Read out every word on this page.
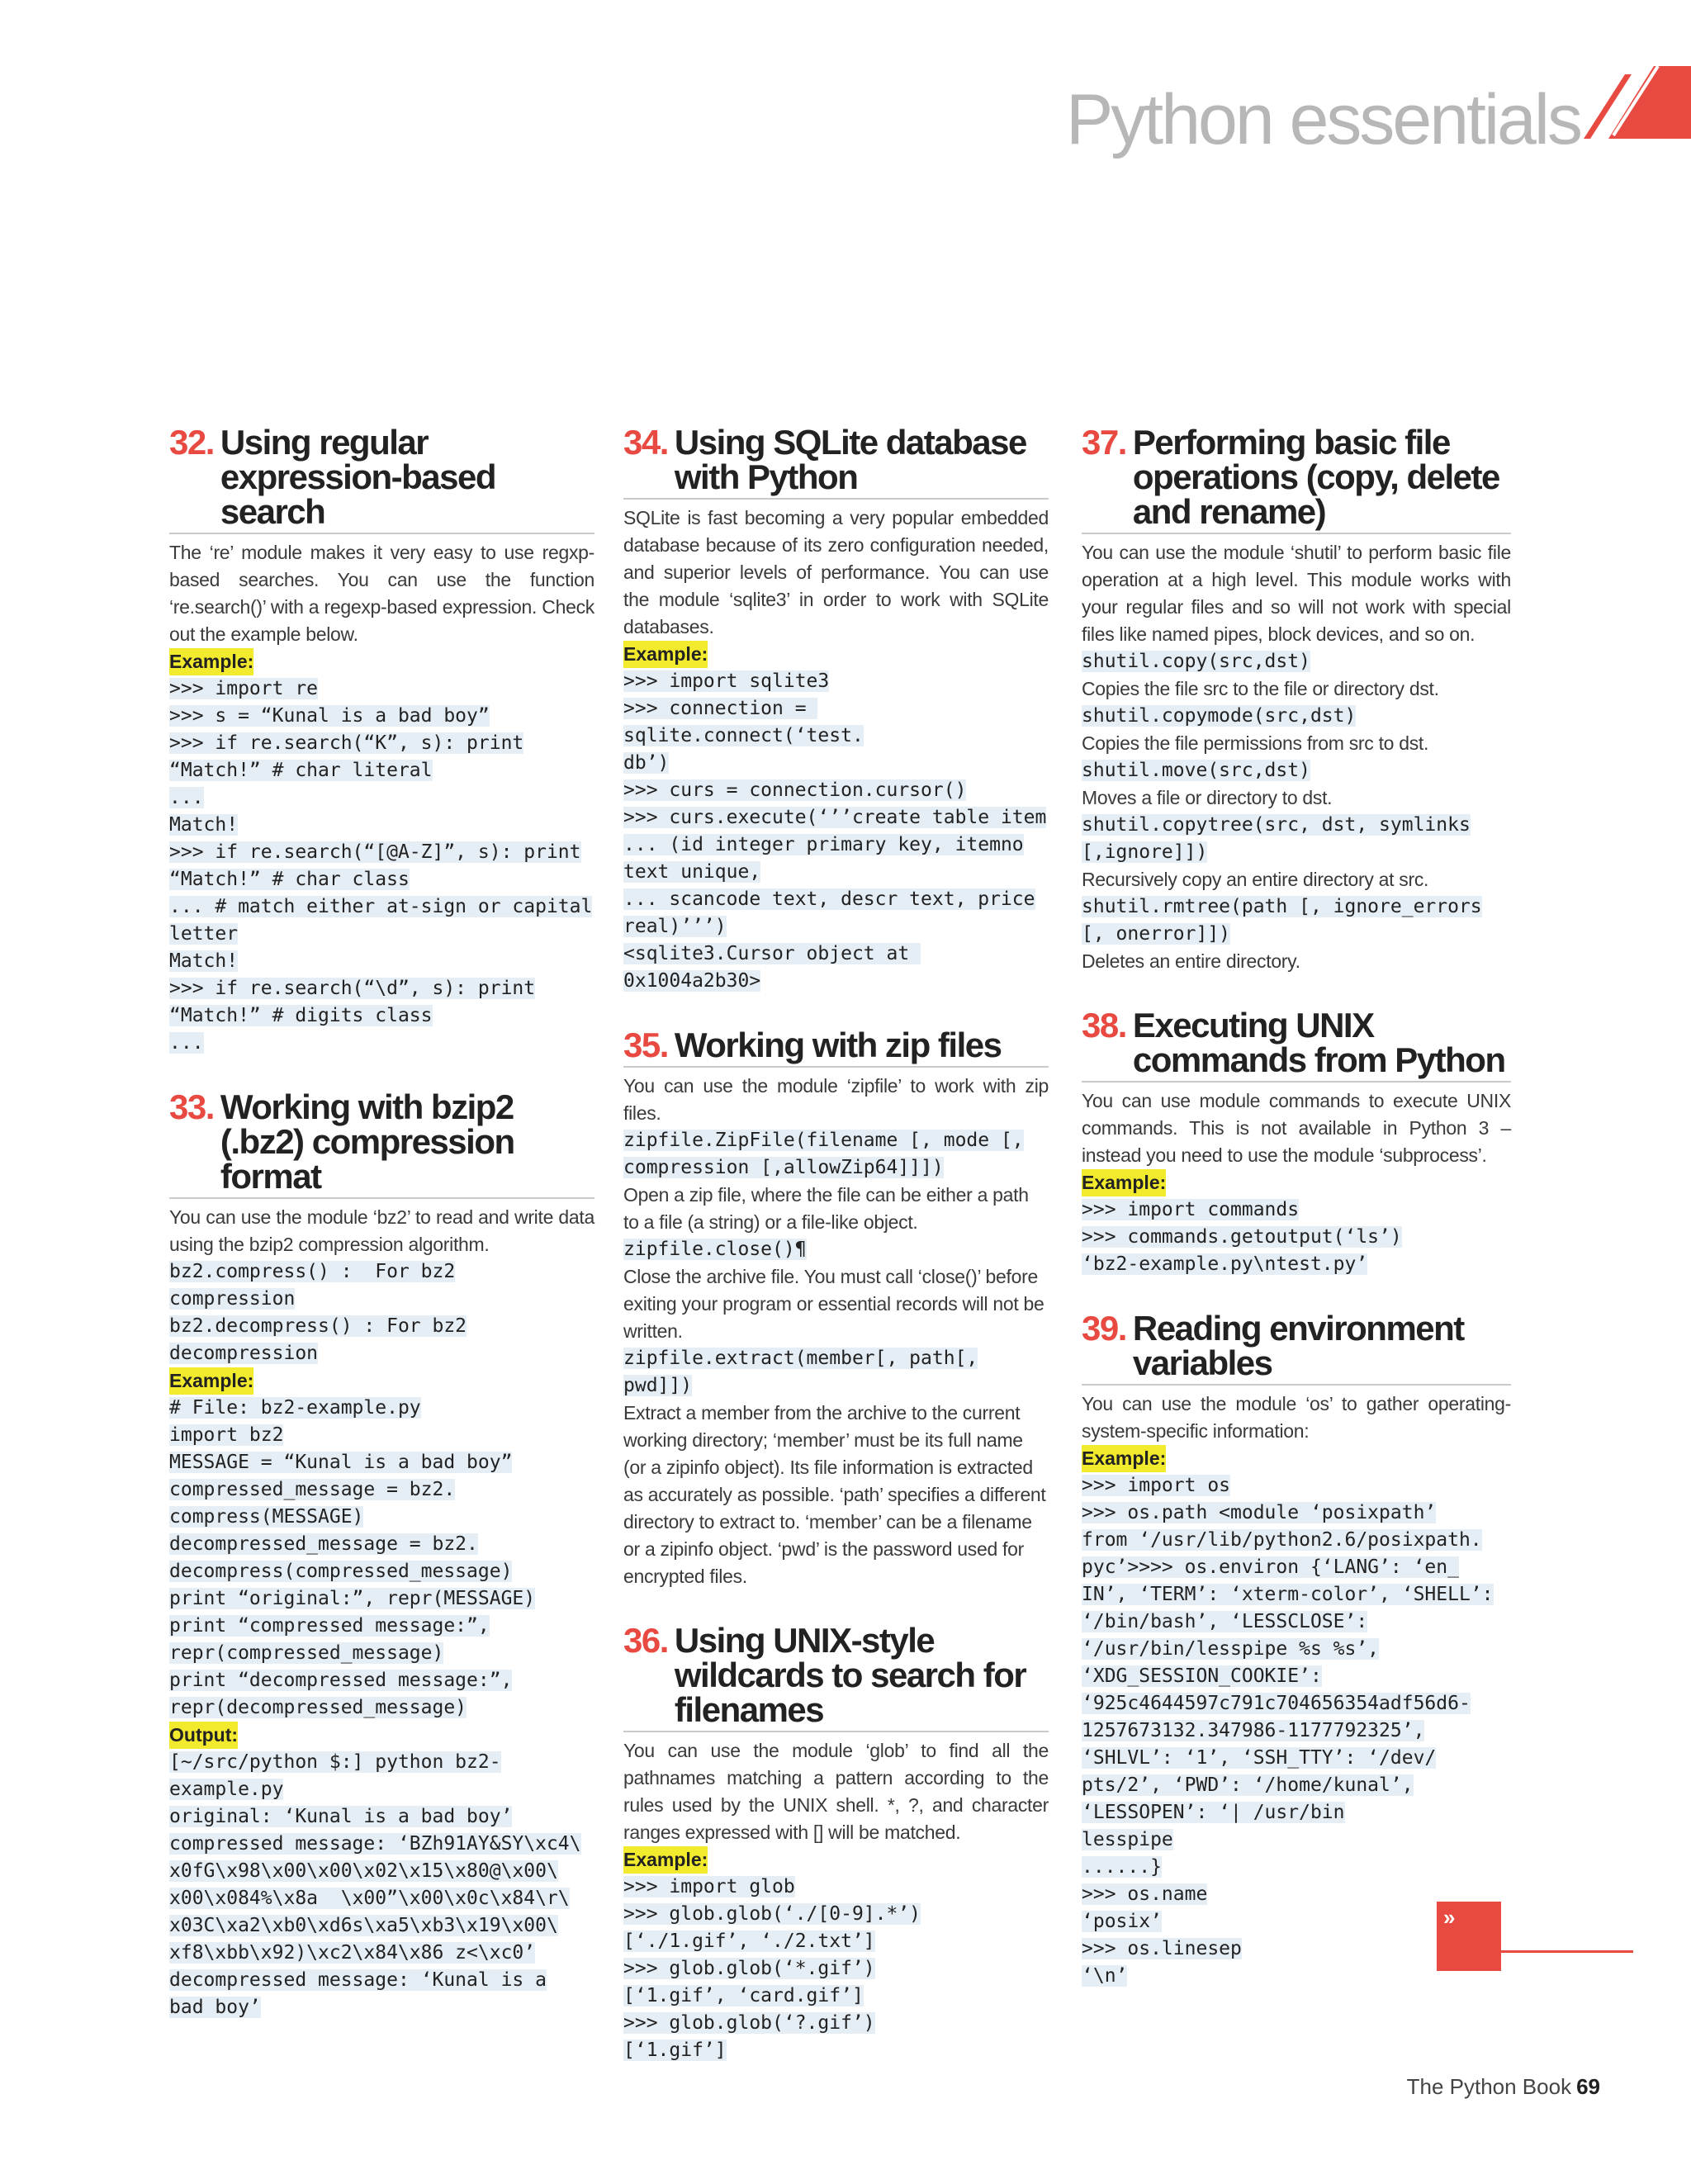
Python essentials
32. Using regular expression-based search

The ‘re’ module makes it very easy to use regxp-based searches. You can use the function ‘re.search()’ with a regexp-based expression. Check out the example below.

Example:
>>> import re
>>> s = “Kunal is a bad boy”
>>> if re.search(“K”, s): print
“Match!” # char literal
...
Match!
>>> if re.search(“[@A-Z]”, s): print
“Match!” # char class
... # match either at-sign or capital
letter
Match!
>>> if re.search(“\d”, s): print
“Match!” # digits class
...

33. Working with bzip2 (.bz2) compression format

You can use the module ‘bz2’ to read and write data using the bzip2 compression algorithm.

bz2.compress() :  For bz2
compression
bz2.decompress() : For bz2
decompression

Example:
# File: bz2-example.py
import bz2
MESSAGE = “Kunal is a bad boy”
compressed_message = bz2.
compress(MESSAGE)
decompressed_message = bz2.
decompress(compressed_message)
print “original:”, repr(MESSAGE)
print “compressed message:”,
repr(compressed_message)
print “decompressed message:”,
repr(decompressed_message)

Output:
[~/src/python $:] python bz2-
example.py
original: ‘Kunal is a bad boy’
compressed message: ‘BZh91AY&SY\xc4\
x0fG\x98\x00\x00\x02\x15\x80@\x00\
x00\x084%\x8a  \x00”\x00\x0c\x84\r\
x03C\xa2\xb0\xd6s\xa5\xb3\x19\x00\
xf8\xbb\x92)\xc2\x84\x86 z<\xc0’
decompressed message: ‘Kunal is a
bad boy’

34. Using SQLite database with Python

SQLite is fast becoming a very popular embedded database because of its zero configuration needed, and superior levels of performance. You can use the module ‘sqlite3’ in order to work with SQLite databases.

Example:
>>> import sqlite3
>>> connection = sqlite.connect(‘test.
db’)
>>> curs = connection.cursor()
>>> curs.execute(‘’’create table item
... (id integer primary key, itemno
text unique,
... scancode text, descr text, price
real)’’’)
<sqlite3.Cursor object at 0x1004a2b30>

35. Working with zip files

You can use the module ‘zipfile’ to work with zip files.

zipfile.ZipFile(filename [, mode [,
compression [,allowZip64]]])

Open a zip file, where the file can be either a path to a file (a string) or a file-like object.

zipfile.close()¶

Close the archive file. You must call ‘close()’ before exiting your program or essential records will not be written.

zipfile.extract(member[, path[,
pwd]])

Extract a member from the archive to the current working directory; ‘member’ must be its full name (or a zipinfo object). Its file information is extracted as accurately as possible. ‘path’ specifies a different directory to extract to. ‘member’ can be a filename or a zipinfo object. ‘pwd’ is the password used for encrypted files.

36. Using UNIX-style wildcards to search for filenames

You can use the module ‘glob’ to find all the pathnames matching a pattern according to the rules used by the UNIX shell. *, ?, and character ranges expressed with [] will be matched.

Example:
>>> import glob
>>> glob.glob(‘./[0-9].*’)
[‘./1.gif’, ‘./2.txt’]
>>> glob.glob(‘*.gif’)
[‘1.gif’, ‘card.gif’]
>>> glob.glob(‘?.gif’)
[‘1.gif’]

37. Performing basic file operations (copy, delete and rename)

You can use the module ‘shutil’ to perform basic file operation at a high level. This module works with your regular files and so will not work with special files like named pipes, block devices, and so on.

shutil.copy(src,dst)

Copies the file src to the file or directory dst.

shutil.copymode(src,dst)

Copies the file permissions from src to dst.

shutil.move(src,dst)

Moves a file or directory to dst.

shutil.copytree(src, dst, symlinks
[,ignore]])

Recursively copy an entire directory at src.

shutil.rmtree(path [, ignore_errors
[, onerror]])

Deletes an entire directory.

38. Executing UNIX commands from Python

You can use module commands to execute UNIX commands. This is not available in Python 3 – instead you need to use the module ‘subprocess’.

Example:
>>> import commands
>>> commands.getoutput(‘ls’)
‘bz2-example.py\ntest.py’

39. Reading environment variables

You can use the module ‘os’ to gather operating-system-specific information:

Example:
>>> import os
>>> os.path <module ‘posixpath’
from ‘/usr/lib/python2.6/posixpath.
pyc’>>>> os.environ {‘LANG’: ‘en_
IN’, ‘TERM’: ‘xterm-color’, ‘SHELL’:
‘/bin/bash’, ‘LESSCLOSE’:
‘/usr/bin/lesspipe %s %s’,
‘XDG_SESSION_COOKIE’:
‘925c4644597c791c704656354adf56d6-
1257673132.347986-1177792325’,
‘SHLVL’: ‘1’, ‘SSH_TTY’: ‘/dev/
pts/2’, ‘PWD’: ‘/home/kunal’,
‘LESSOPEN’: ‘| /usr/bin
lesspipe
......}
>>> os.name
‘posix’
>>> os.linesep
‘\n’

»
The Python Book 69
